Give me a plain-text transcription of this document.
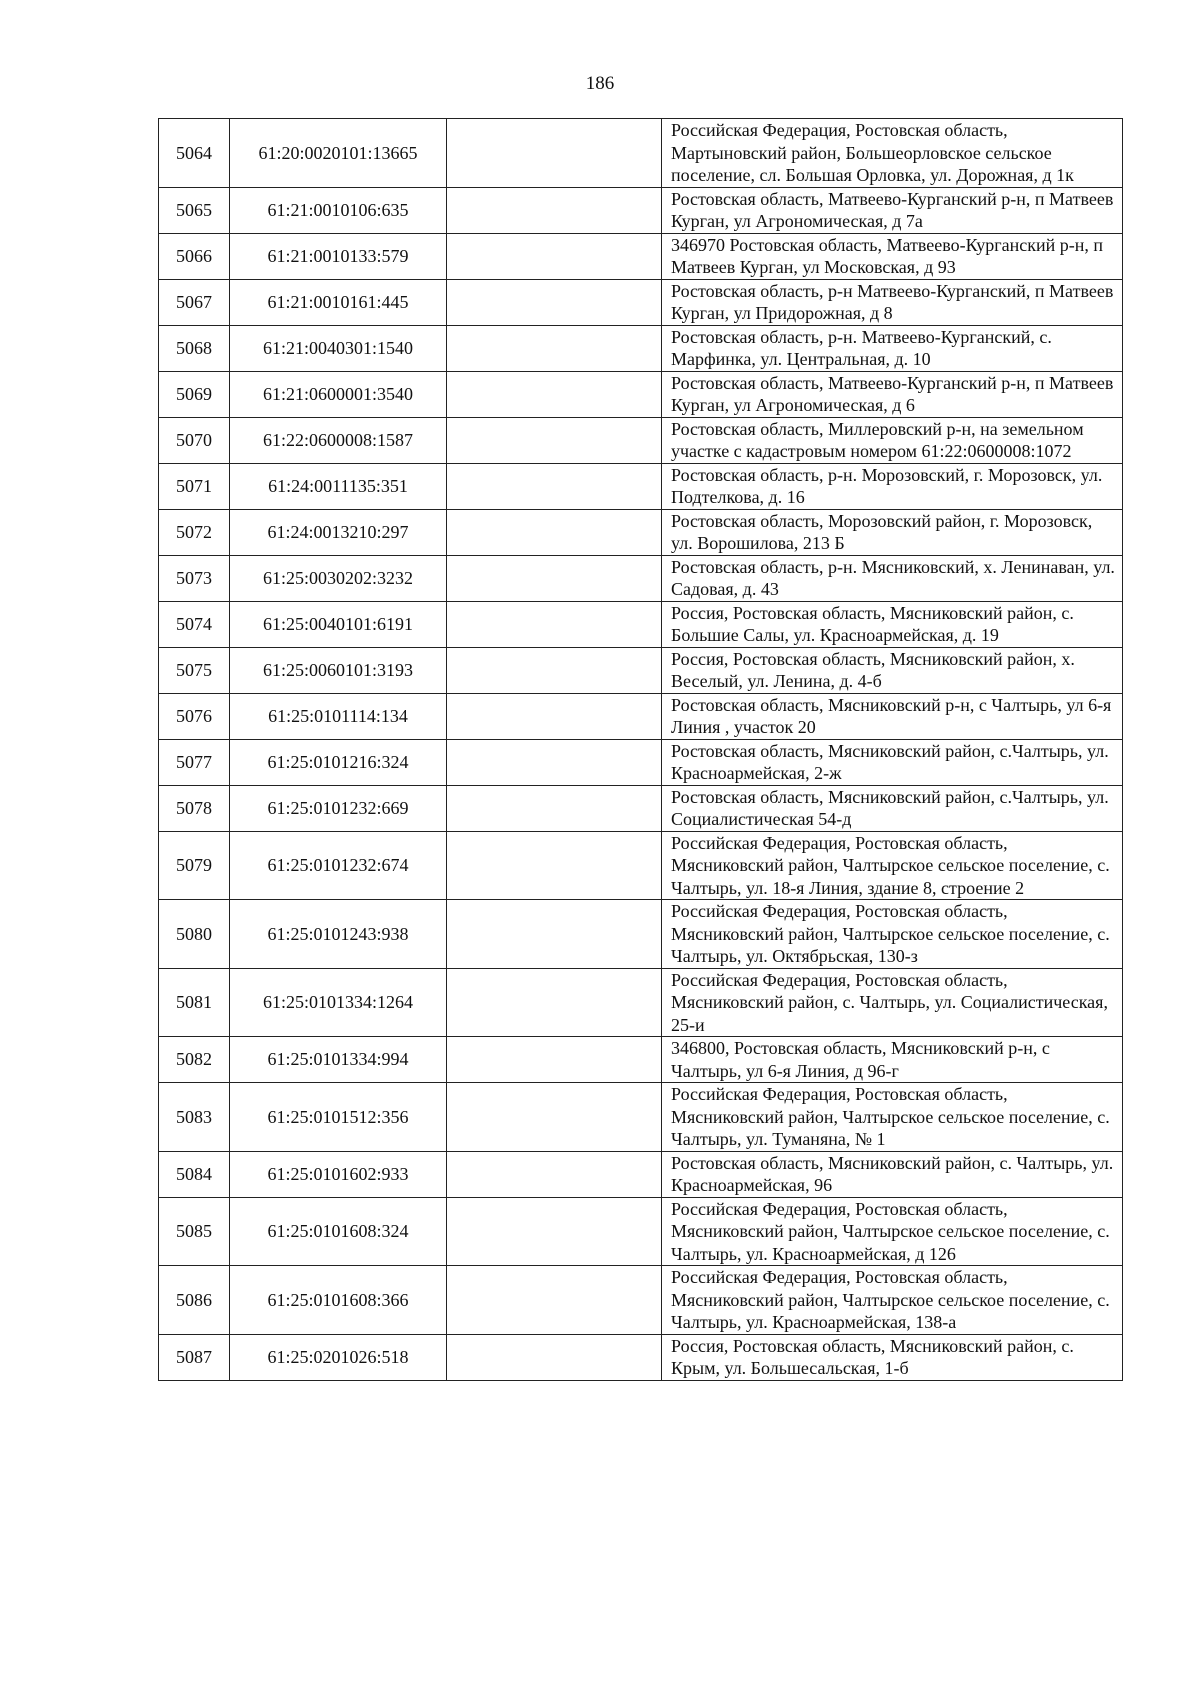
186
5064	61:20:0020101:13665		Российская Федерация, Ростовская область, Мартыновский район, Большеорловское сельское поселение, сл. Большая Орловка, ул. Дорожная, д 1к
5065	61:21:0010106:635		Ростовская область, Матвеево-Курганский р-н, п Матвеев Курган, ул Агрономическая, д 7а
5066	61:21:0010133:579		346970 Ростовская область, Матвеево-Курганский р-н, п Матвеев Курган, ул Московская, д 93
5067	61:21:0010161:445		Ростовская область, р-н Матвеево-Курганский, п Матвеев Курган, ул Придорожная, д 8
5068	61:21:0040301:1540		Ростовская область, р-н. Матвеево-Курганский, с. Марфинка, ул. Центральная, д. 10
5069	61:21:0600001:3540		Ростовская область, Матвеево-Курганский р-н, п Матвеев Курган, ул Агрономическая, д 6
5070	61:22:0600008:1587		Ростовская область, Миллеровский р-н, на земельном участке с кадастровым номером 61:22:0600008:1072
5071	61:24:0011135:351		Ростовская область, р-н. Морозовский, г. Морозовск, ул. Подтелкова, д. 16
5072	61:24:0013210:297		Ростовская область, Морозовский район, г. Морозовск, ул. Ворошилова, 213 Б
5073	61:25:0030202:3232		Ростовская область, р-н. Мясниковский, х. Ленинаван, ул. Садовая, д. 43
5074	61:25:0040101:6191		Россия, Ростовская область, Мясниковский район, с. Большие Салы, ул. Красноармейская, д. 19
5075	61:25:0060101:3193		Россия, Ростовская область, Мясниковский район, х. Веселый, ул. Ленина, д. 4-б
5076	61:25:0101114:134		Ростовская область, Мясниковский р-н, с Чалтырь, ул 6-я Линия , участок 20
5077	61:25:0101216:324		Ростовская область, Мясниковский район, с.Чалтырь, ул. Красноармейская, 2-ж
5078	61:25:0101232:669		Ростовская область, Мясниковский район, с.Чалтырь, ул. Социалистическая 54-д
5079	61:25:0101232:674		Российская Федерация, Ростовская область, Мясниковский район, Чалтырское сельское поселение, с. Чалтырь, ул. 18-я Линия, здание 8, строение 2
5080	61:25:0101243:938		Российская Федерация, Ростовская область, Мясниковский район, Чалтырское сельское поселение, с. Чалтырь, ул. Октябрьская, 130-з
5081	61:25:0101334:1264		Российская Федерация, Ростовская область, Мясниковский район, с. Чалтырь, ул. Социалистическая, 25-и
5082	61:25:0101334:994		346800, Ростовская область, Мясниковский р-н, с Чалтырь, ул 6-я Линия, д 96-г
5083	61:25:0101512:356		Российская Федерация, Ростовская область, Мясниковский район, Чалтырское сельское поселение, с. Чалтырь, ул. Туманяна, № 1
5084	61:25:0101602:933		Ростовская область, Мясниковский район, с. Чалтырь, ул. Красноармейская, 96
5085	61:25:0101608:324		Российская Федерация, Ростовская область, Мясниковский район, Чалтырское сельское поселение, с. Чалтырь, ул. Красноармейская, д 126
5086	61:25:0101608:366		Российская Федерация, Ростовская область, Мясниковский район, Чалтырское сельское поселение, с. Чалтырь, ул. Красноармейская, 138-а
5087	61:25:0201026:518		Россия, Ростовская область, Мясниковский район, с. Крым, ул. Большесальская, 1-б
